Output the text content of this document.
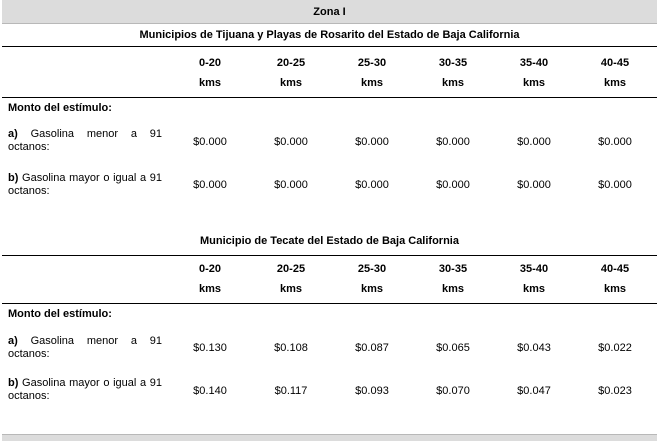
Zona I
Municipios de Tijuana y Playas de Rosarito del Estado de Baja California
0-20	20-25	25-30	30-35	35-40	40-45
kms	kms	kms	kms	kms	kms
Monto del estímulo:
a) Gasolina menor a 91 octanos:	$0.000	$0.000	$0.000	$0.000	$0.000	$0.000
b) Gasolina mayor o igual a 91 octanos:	$0.000	$0.000	$0.000	$0.000	$0.000	$0.000
Municipio de Tecate del Estado de Baja California
0-20	20-25	25-30	30-35	35-40	40-45
kms	kms	kms	kms	kms	kms
Monto del estímulo:
a) Gasolina menor a 91 octanos:	$0.130	$0.108	$0.087	$0.065	$0.043	$0.022
b) Gasolina mayor o igual a 91 octanos:	$0.140	$0.117	$0.093	$0.070	$0.047	$0.023
